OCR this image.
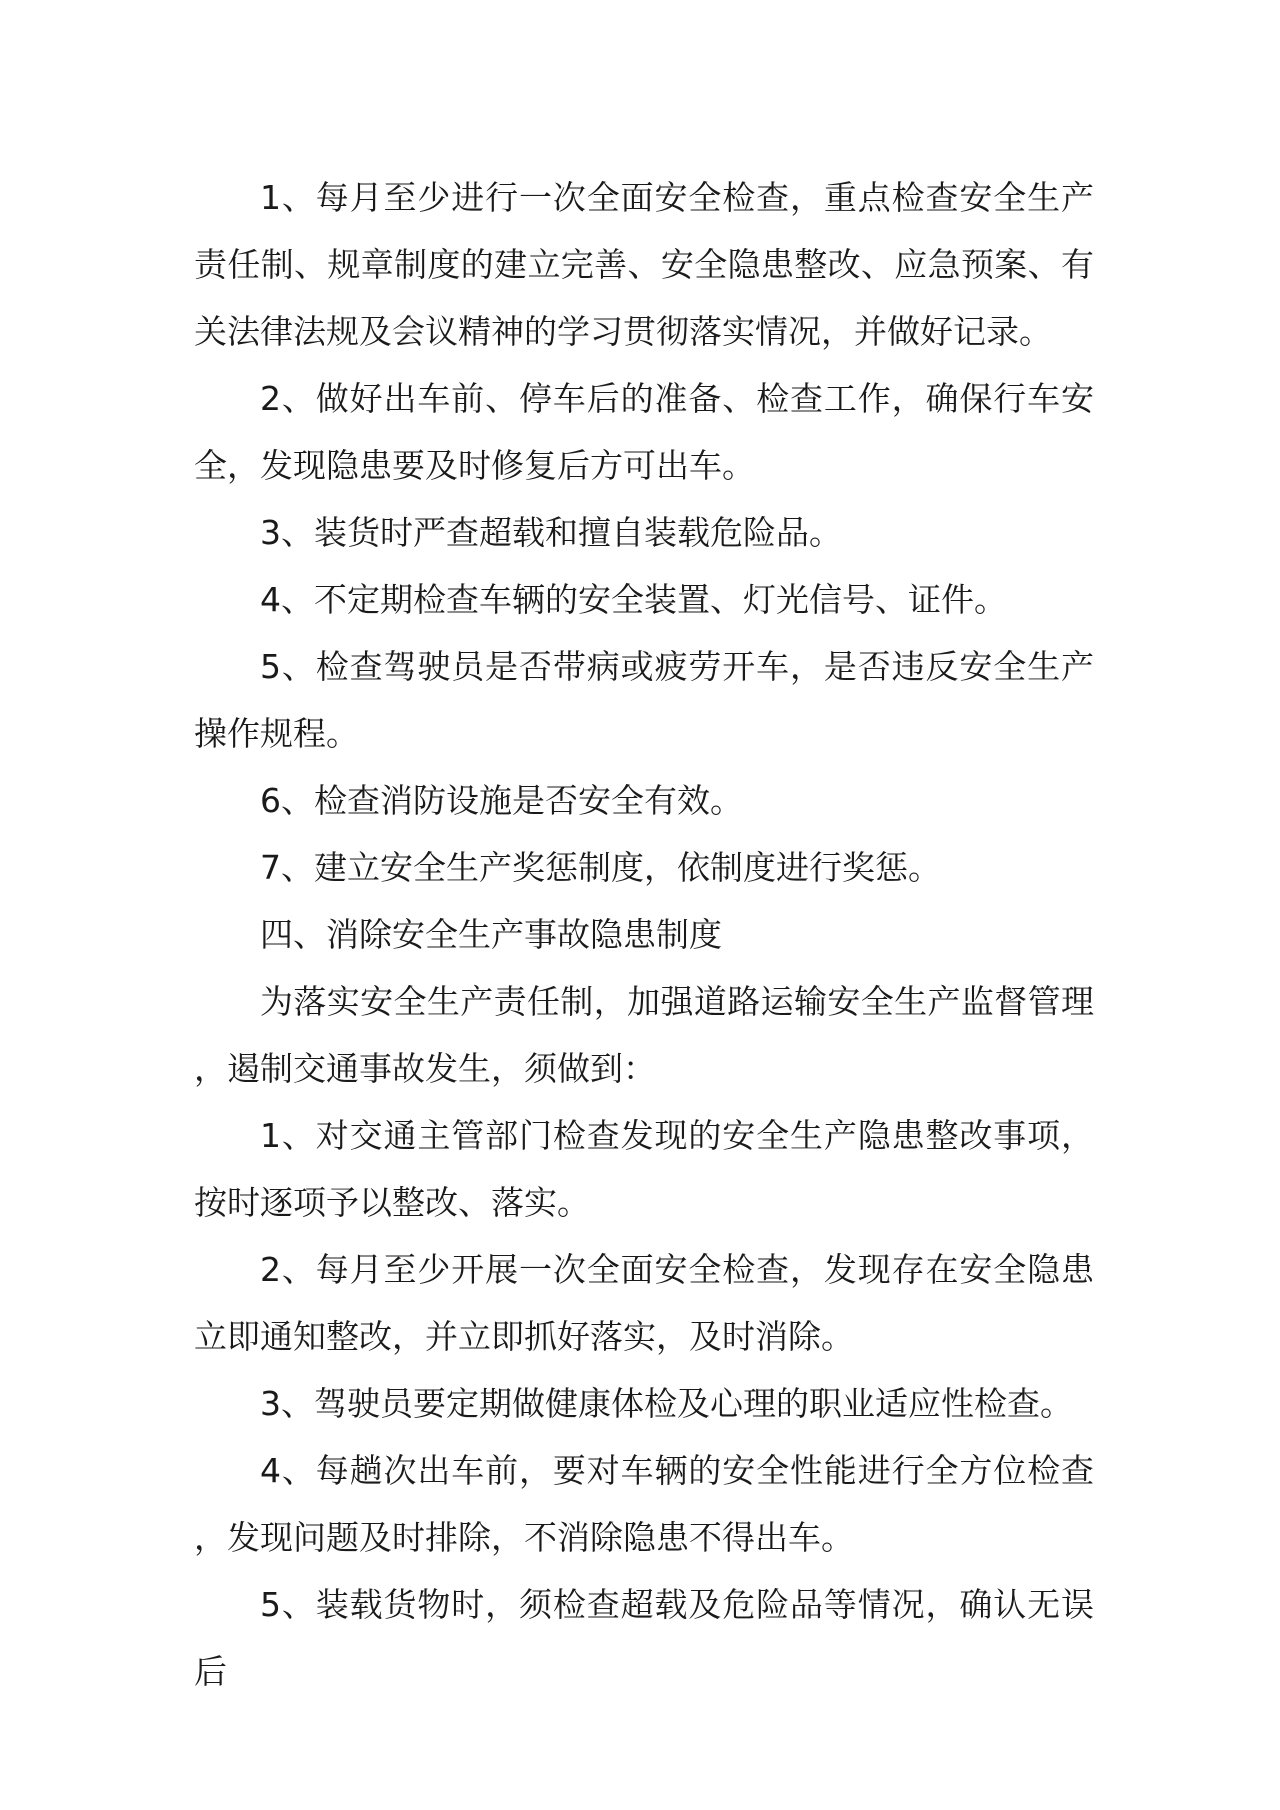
1、每月至少进行一次全面安全检查，重点检查安全生产责任制、规章制度的建立完善、安全隐患整改、应急预案、有关法律法规及会议精神的学习贯彻落实情况，并做好记录。

2、做好出车前、停车后的准备、检查工作，确保行车安全，发现隐患要及时修复后方可出车。

3、装货时严查超载和擅自装载危险品。

4、不定期检查车辆的安全装置、灯光信号、证件。

5、检查驾驶员是否带病或疲劳开车，是否违反安全生产操作规程。

6、检查消防设施是否安全有效。

7、建立安全生产奖惩制度，依制度进行奖惩。

四、消除安全生产事故隐患制度

为落实安全生产责任制，加强道路运输安全生产监督管理，遏制交通事故发生，须做到：

1、对交通主管部门检查发现的安全生产隐患整改事项，按时逐项予以整改、落实。

2、每月至少开展一次全面安全检查，发现存在安全隐患立即通知整改，并立即抓好落实，及时消除。

3、驾驶员要定期做健康体检及心理的职业适应性检查。

4、每趟次出车前，要对车辆的安全性能进行全方位检查，发现问题及时排除，不消除隐患不得出车。

5、装载货物时，须检查超载及危险品等情况，确认无误后
